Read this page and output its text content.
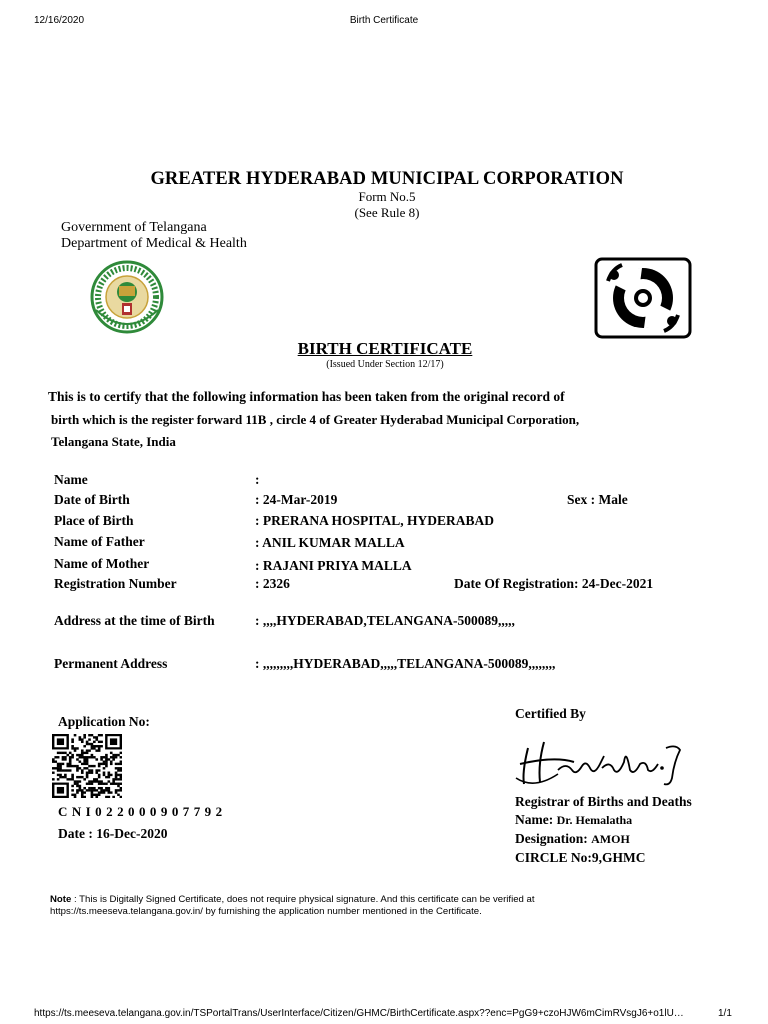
12/16/2020	Birth Certificate
GREATER HYDERABAD MUNICIPAL CORPORATION
Form No.5
(See Rule 8)
Government of Telangana
Department of Medical & Health
BIRTH CERTIFICATE
(Issued Under Section 12/17)
This is to certify that the following information has been taken from the original record of
birth which is the register forward 11B , circle 4 of Greater Hyderabad Municipal Corporation,
Telangana State, India
Name	:
Date of Birth	: 24-Mar-2019	Sex : Male
Place of Birth	: PRERANA HOSPITAL, HYDERABAD
Name of Father	: ANIL KUMAR MALLA
Name of Mother	: RAJANI PRIYA MALLA
Registration Number	: 2326	Date Of Registration: 24-Dec-2021
Address at the time of Birth	: ,,,,HYDERABAD,TELANGANA-500089,,,,,
Permanent Address	: ,,,,,,,,,HYDERABAD,,,,,TELANGANA-500089,,,,,,,,
Application No:
C N I 0 2 2 0 0 0 9 0 7 7 9 2
Date : 16-Dec-2020
Certified By
Registrar of Births and Deaths
Name: Dr. Hemalatha
Designation: AMOH
CIRCLE No:9,GHMC
Note : This is Digitally Signed Certificate, does not require physical signature. And this certificate can be verified at
https://ts.meeseva.telangana.gov.in/ by furnishing the application number mentioned in the Certificate.
https://ts.meeseva.telangana.gov.in/TSPortalTrans/UserInterface/Citizen/GHMC/BirthCertificate.aspx??enc=PgG9+czoHJW6mCimRVsgJ6+o1lU…	1/1
